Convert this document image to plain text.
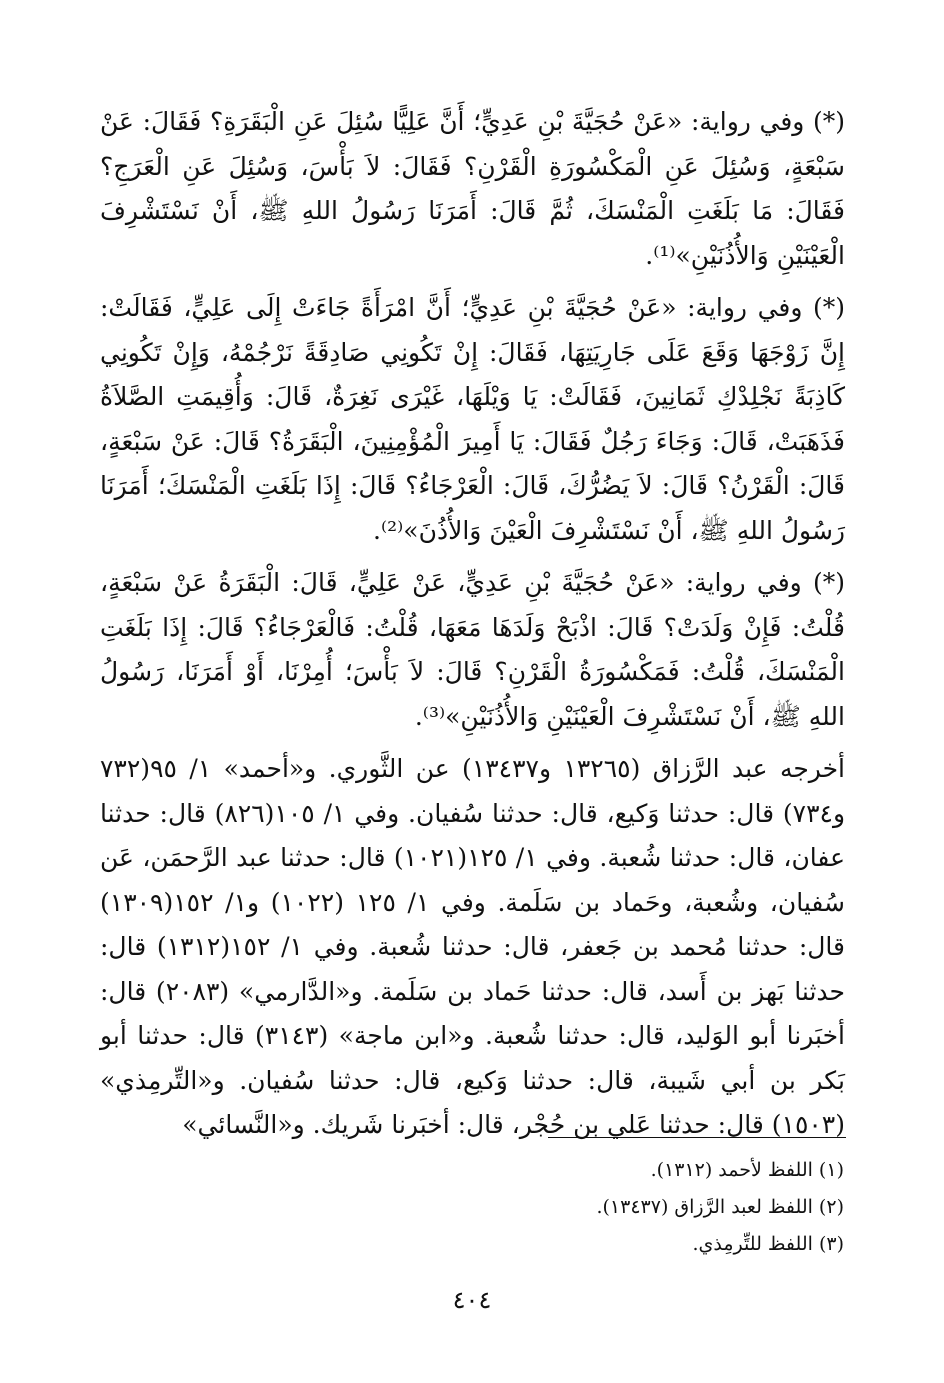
(*) وفي رواية: «عَنْ حُجَيَّةَ بْنِ عَدِيٍّ؛ أَنَّ عَلِيًّا سُئِلَ عَنِ الْبَقَرَةِ؟ فَقَالَ: عَنْ سَبْعَةٍ، وَسُئِلَ عَنِ الْمَكْسُورَةِ الْقَرْنِ؟ فَقَالَ: لاَ بَأْسَ، وَسُئِلَ عَنِ الْعَرَجِ؟ فَقَالَ: مَا بَلَغَتِ الْمَنْسَكَ، ثُمَّ قَالَ: أَمَرَنَا رَسُولُ اللهِ ﷺ، أَنْ نَسْتَشْرِفَ الْعَيْنَيْنِ وَالأُذُنَيْنِ»⁽¹⁾.

(*) وفي رواية: «عَنْ حُجَيَّةَ بْنِ عَدِيٍّ؛ أَنَّ امْرَأَةً جَاءَتْ إِلَى عَلِيٍّ، فَقَالَتْ: إِنَّ زَوْجَهَا وَقَعَ عَلَى جَارِيَتِهَا، فَقَالَ: إِنْ تَكُونِي صَادِقَةً نَرْجُمْهُ، وَإِنْ تَكُونِي كَاذِبَةً نَجْلِدْكِ ثَمَانِينَ، فَقَالَتْ: يَا وَيْلَهَا، غَيْرَى نَغِرَةٌ، قَالَ: وَأُقِيمَتِ الصَّلاَةُ فَذَهَبَتْ، قَالَ: وَجَاءَ رَجُلٌ فَقَالَ: يَا أَمِيرَ الْمُؤْمِنِينَ، الْبَقَرَةُ؟ قَالَ: عَنْ سَبْعَةٍ، قَالَ: الْقَرْنُ؟ قَالَ: لاَ يَضُرُّكَ، قَالَ: الْعَرْجَاءُ؟ قَالَ: إِذَا بَلَغَتِ الْمَنْسَكَ؛ أَمَرَنَا رَسُولُ اللهِ ﷺ، أَنْ نَسْتَشْرِفَ الْعَيْنَ وَالأُذُنَ»⁽²⁾.

(*) وفي رواية: «عَنْ حُجَيَّةَ بْنِ عَدِيٍّ، عَنْ عَلِيٍّ، قَالَ: الْبَقَرَةُ عَنْ سَبْعَةٍ، قُلْتُ: فَإِنْ وَلَدَتْ؟ قَالَ: اذْبَحْ وَلَدَهَا مَعَهَا، قُلْتُ: فَالْعَرْجَاءُ؟ قَالَ: إِذَا بَلَغَتِ الْمَنْسَكَ، قُلْتُ: فَمَكْسُورَةُ الْقَرْنِ؟ قَالَ: لاَ بَأْسَ؛ أُمِرْنَا، أَوْ أَمَرَنَا، رَسُولُ اللهِ ﷺ، أَنْ نَسْتَشْرِفَ الْعَيْنَيْنِ وَالأُذُنَيْنِ»⁽³⁾.

أخرجه عبد الرَّزاق (١٣٢٦٥ و١٣٤٣٧) عن الثَّوري. و«أحمد» ١/ ٩٥(٧٣٢ و٧٣٤) قال: حدثنا وَكيع، قال: حدثنا سُفيان. وفي ١/ ١٠٥(٨٢٦) قال: حدثنا عفان، قال: حدثنا شُعبة. وفي ١/ ١٢٥(١٠٢١) قال: حدثنا عبد الرَّحمَن، عَن سُفيان، وشُعبة، وحَماد بن سَلَمة. وفي ١/ ١٢٥ (١٠٢٢) و١/ ١٥٢(١٣٠٩) قال: حدثنا مُحمد بن جَعفر، قال: حدثنا شُعبة. وفي ١/ ١٥٢(١٣١٢) قال: حدثنا بَهز بن أَسد، قال: حدثنا حَماد بن سَلَمة. و«الدَّارمي» (٢٠٨٣) قال: أخبَرنا أبو الوَليد، قال: حدثنا شُعبة. و«ابن ماجة» (٣١٤٣) قال: حدثنا أبو بَكر بن أبي شَيبة، قال: حدثنا وَكيع، قال: حدثنا سُفيان. و«التِّرمِذي» (١٥٠٣) قال: حدثنا عَلي بن حُجْر، قال: أخبَرنا شَريك. و«النَّسائي»

(١) اللفظ لأحمد (١٣١٢).
(٢) اللفظ لعبد الرَّزاق (١٣٤٣٧).
(٣) اللفظ للتِّرمِذي.
٤٠٤
